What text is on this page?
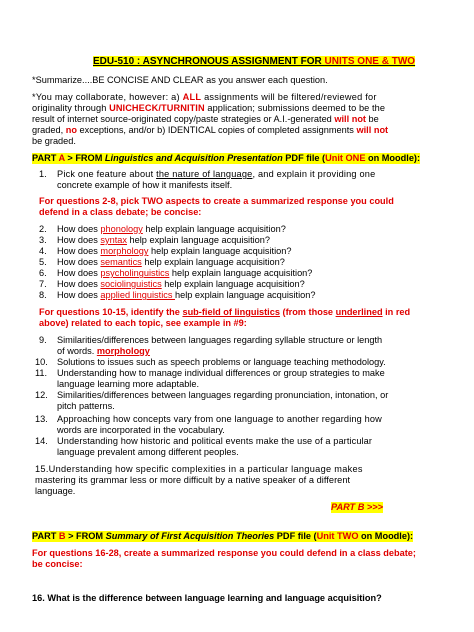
EDU-510 : ASYNCHRONOUS ASSIGNMENT FOR UNITS ONE & TWO
*Summarize....BE CONCISE AND CLEAR as you answer each question.
*You may collaborate, however: a) ALL assignments will be filtered/reviewed for
originality through UNICHECK/TURNITIN application; submissions deemed to be the
result of internet source-originated copy/paste strategies or A.I.-generated will not be
graded, no exceptions, and/or b) IDENTICAL copies of completed assignments will not
be graded.
PART A > FROM Linguistics and Acquisition Presentation PDF file (Unit ONE on Moodle):
1.	Pick one feature about the nature of language, and explain it providing one
concrete example of how it manifests itself.
For questions 2-8, pick TWO aspects to create a summarized response you could
defend in a class debate; be concise:
2.	How does phonology help explain language acquisition?
3.	How does syntax help explain language acquisition?
4.	How does morphology help explain language acquisition?
5.	How does semantics help explain language acquisition?
6.	How does psycholinguistics help explain language acquisition?
7.	How does sociolinguistics help explain language acquisition?
8.	How does applied linguistics help explain language acquisition?
For questions 10-15, identify the sub-field of linguistics (from those underlined in red
above) related to each topic, see example in #9:
9.	Similarities/differences between languages regarding syllable structure or length
of words. morphology
10. Solutions to issues such as speech problems or language teaching methodology.
11. Understanding how to manage individual differences or group strategies to make
language learning more adaptable.
12. Similarities/differences between languages regarding pronunciation, intonation, or
pitch patterns.
13. Approaching how concepts vary from one language to another regarding how
words are incorporated in the vocabulary.
14. Understanding how historic and political events make the use of a particular
language prevalent among different peoples.
15.Understanding how specific complexities in a particular language makes
mastering its grammar less or more difficult by a native speaker of a different
language.
PART B >>>
PART B > FROM Summary of First Acquisition Theories PDF file (Unit TWO on Moodle):
For questions 16-28, create a summarized response you could defend in a class debate;
be concise:
16. What is the difference between language learning and language acquisition?
